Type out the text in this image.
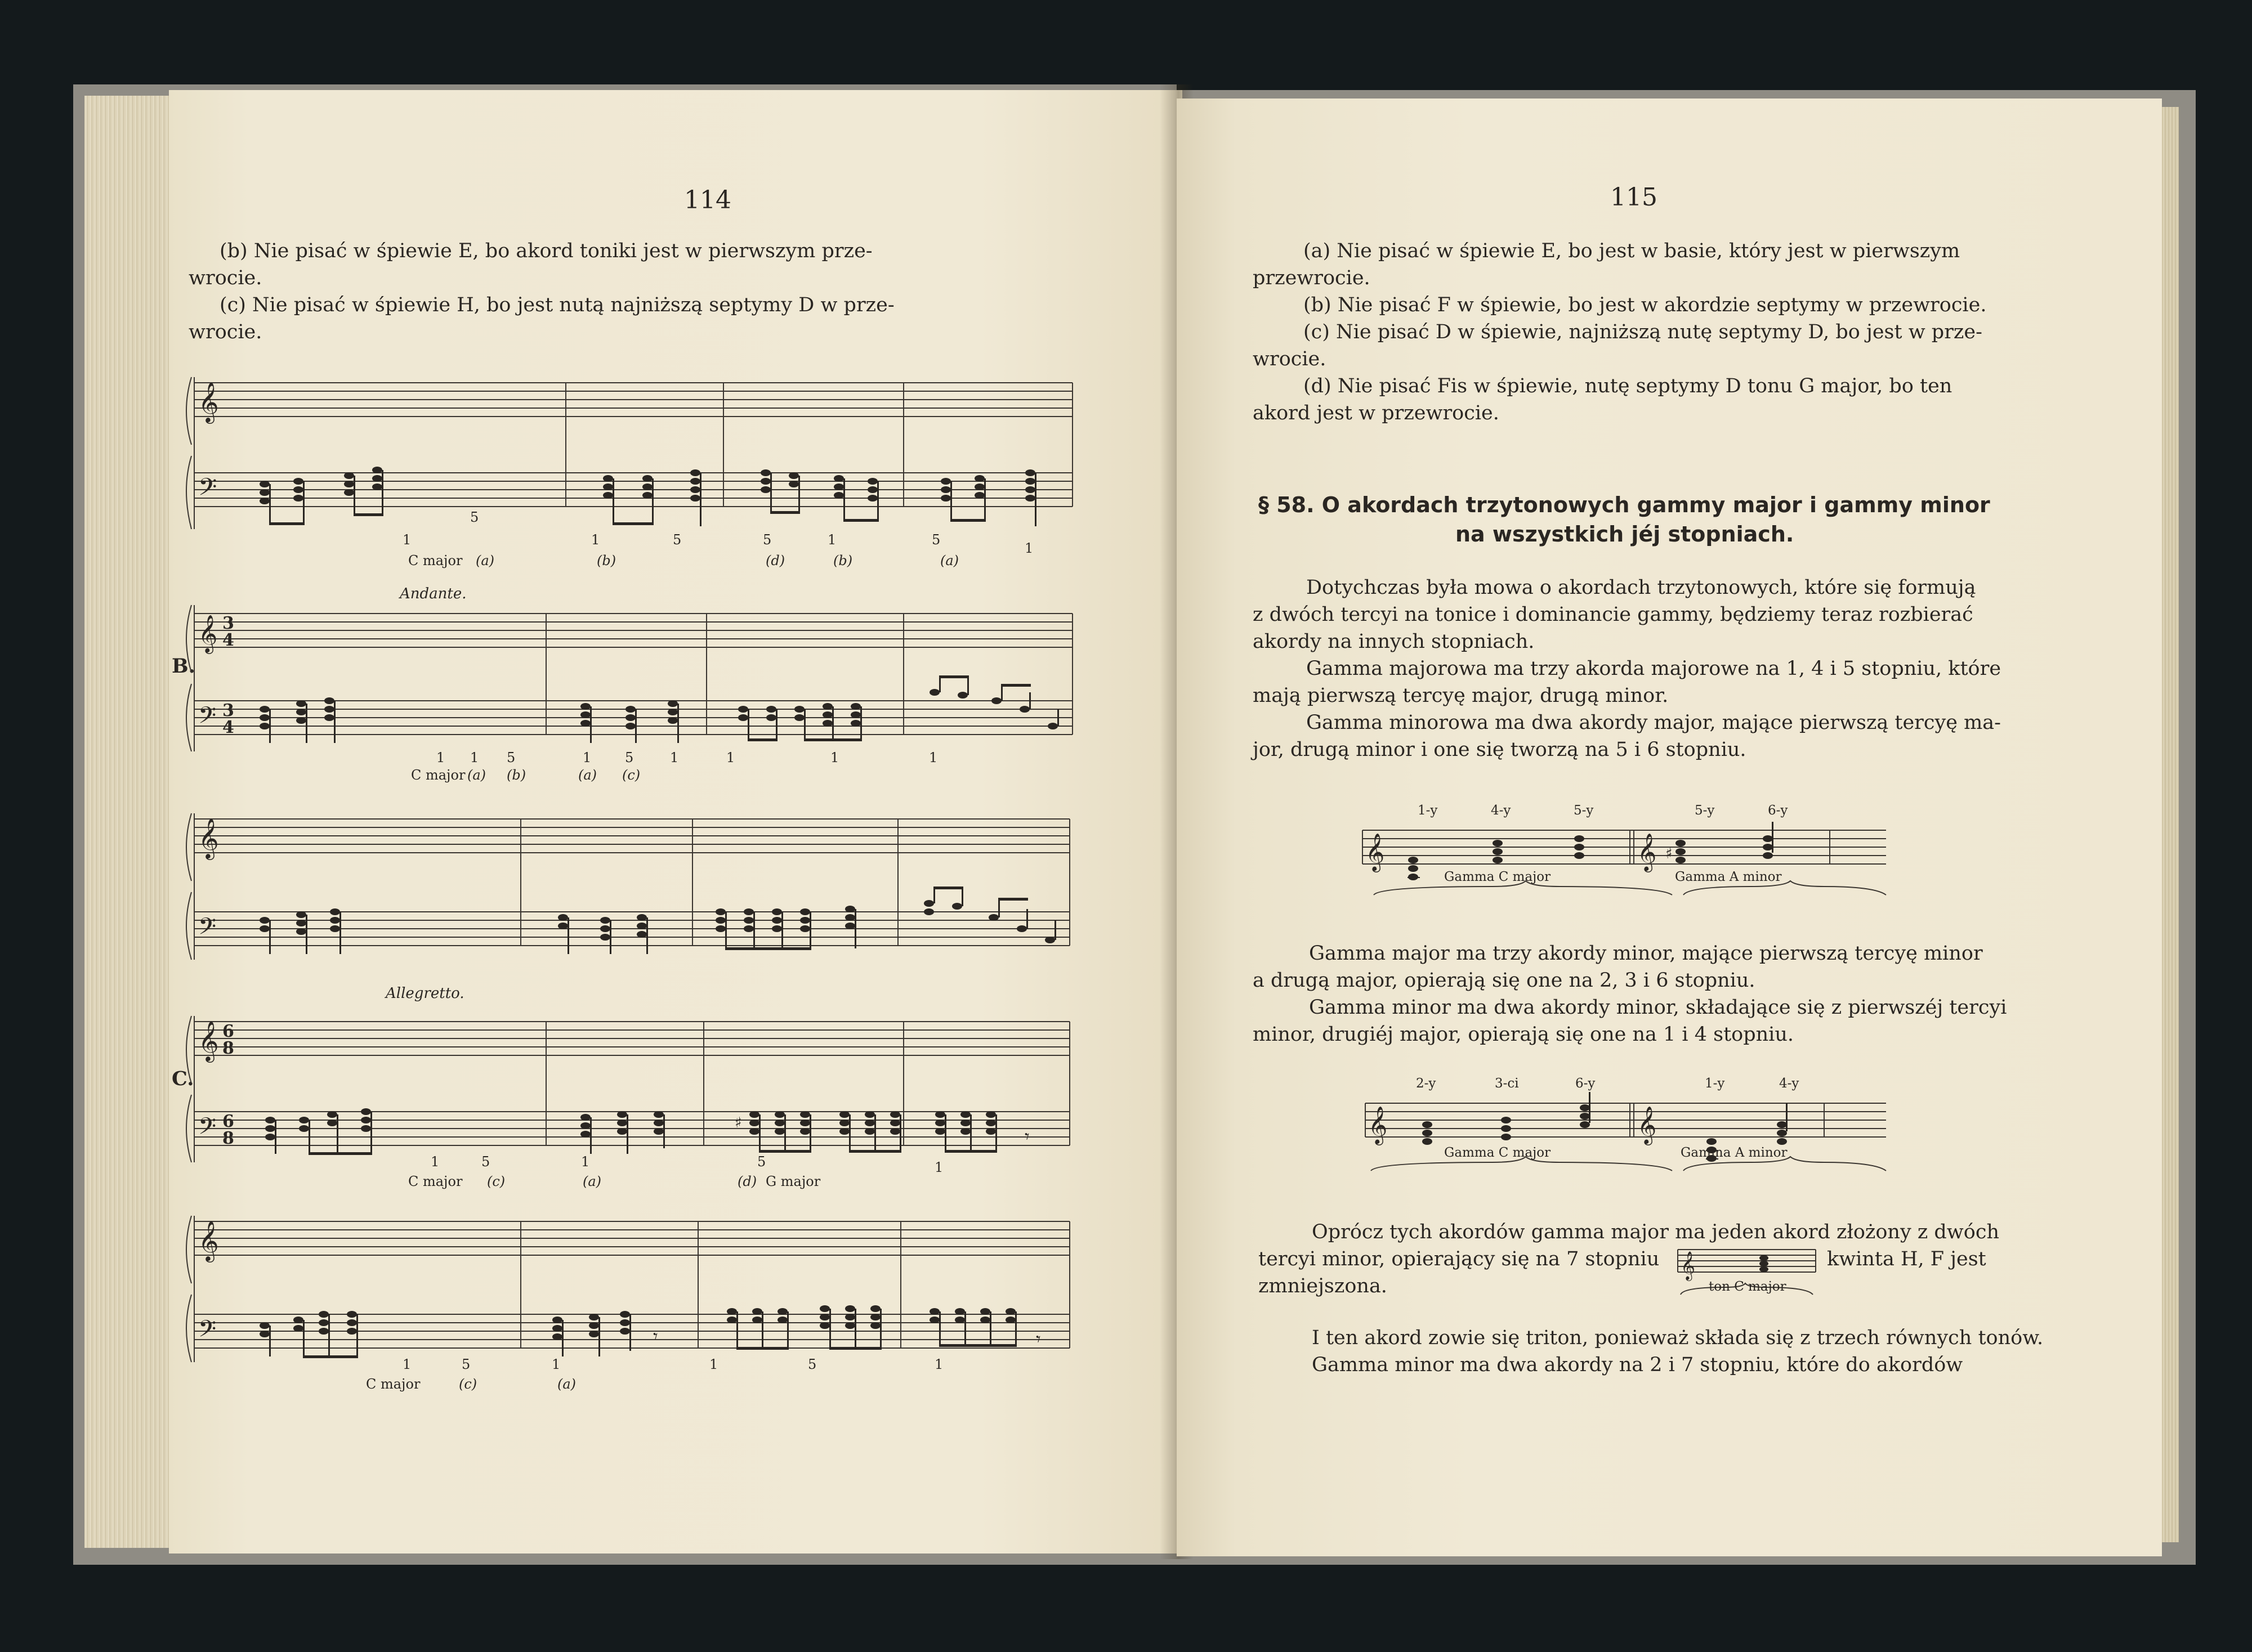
114

(b) Nie pisać w śpiewie E, bo akord toniki jest w pierwszym prze-

wrocie.

(c) Nie pisać w śpiewie H, bo jest nutą najniższą septymy D w prze-

wrocie.

𝄞
𝄢

1

5

1	5	5	1	5

1

C major (a)	(b)	(d)	(b)	(a)

Andante.

B.

𝄞 3
4
𝄢 3
4

1 1 5	1 5	1	1	1	1

C major (a) (b)	(a) (c)

𝄞
𝄢

Allegretto.

C.

𝄞 6
8
𝄢 6
8
♯
𝄾

1	5	1	5	1

C major (c)	(a)	(d) G major

𝄞
𝄢	𝄾	𝄾

1	5	1	1	5	1

C major	(c)	(a)

115

(a) Nie pisać w śpiewie E, bo jest w basie, który jest w pierwszym

przewrocie.

(b) Nie pisać F w śpiewie, bo jest w akordzie septymy w przewrocie.

(c) Nie pisać D w śpiewie, najniższą nutę septymy D, bo jest w prze-

wrocie.

(d) Nie pisać Fis w śpiewie, nutę septymy D tonu G major, bo ten

akord jest w przewrocie.

§ 58. O akordach trzytonowych gammy major i gammy minor

na wszystkich jéj stopniach.

Dotychczas była mowa o akordach trzytonowych, które się formują

z dwóch tercyi na tonice i dominancie gammy, będziemy teraz rozbierać

akordy na innych stopniach.

Gamma majorowa ma trzy akorda majorowe na 1, 4 i 5 stopniu, które

mają pierwszą tercyę major, drugą minor.

Gamma minorowa ma dwa akordy major, mające pierwszą tercyę ma-

jor, drugą minor i one się tworzą na 5 i 6 stopniu.

𝄞	𝄞 ♯

1-y	4-y	5-y	5-y	6-y

Gamma C major	Gamma A minor

Gamma major ma trzy akordy minor, mające pierwszą tercyę minor

a drugą major, opierają się one na 2, 3 i 6 stopniu.

Gamma minor ma dwa akordy minor, składające się z pierwszéj tercyi

minor, drugiéj major, opierają się one na 1 i 4 stopniu.

𝄞	𝄞

2-y	3-ci	6-y	1-y	4-y

Gamma C major	Gamma A minor

Oprócz tych akordów gamma major ma jeden akord złożony z dwóch

tercyi minor, opierający się na 7 stopniu 𝄞

ton C major

kwinta H, F jest

zmniejszona.

I ten akord zowie się triton, ponieważ składa się z trzech równych tonów.

Gamma minor ma dwa akordy na 2 i 7 stopniu, które do akordów
